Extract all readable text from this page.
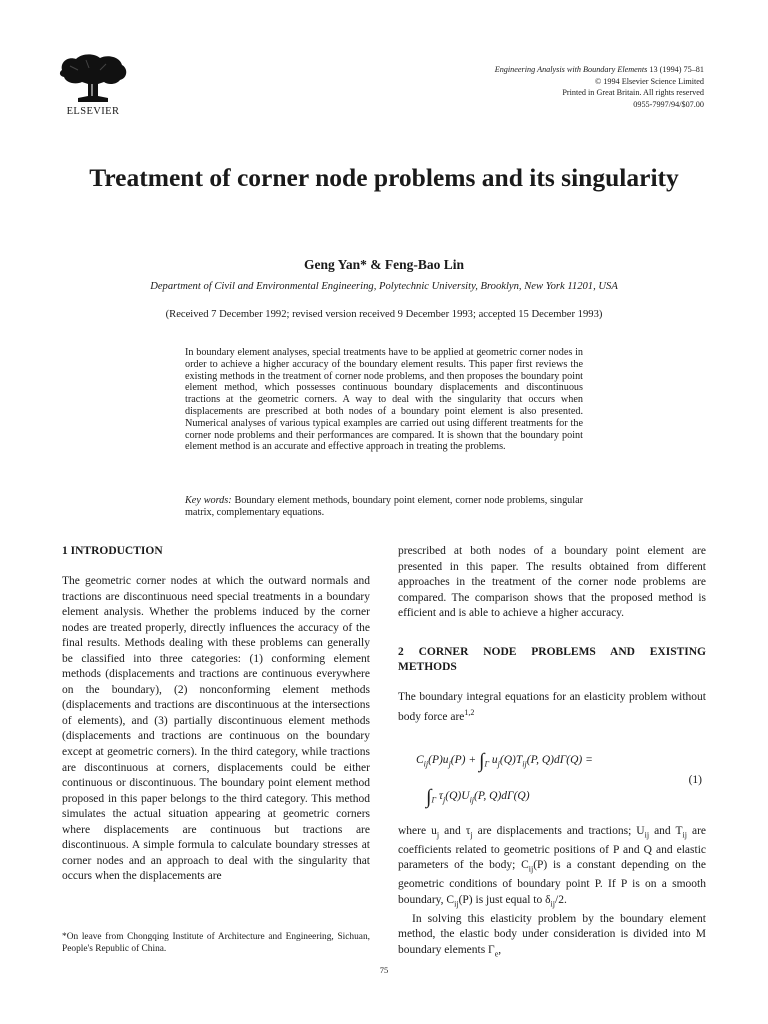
ELSEVIER
Engineering Analysis with Boundary Elements 13 (1994) 75–81
© 1994 Elsevier Science Limited
Printed in Great Britain. All rights reserved
0955-7997/94/$07.00
Treatment of corner node problems and its singularity
Geng Yan* & Feng-Bao Lin
Department of Civil and Environmental Engineering, Polytechnic University, Brooklyn, New York 11201, USA
(Received 7 December 1992; revised version received 9 December 1993; accepted 15 December 1993)
In boundary element analyses, special treatments have to be applied at geometric corner nodes in order to achieve a higher accuracy of the boundary element results. This paper first reviews the existing methods in the treatment of corner node problems, and then proposes the boundary point element method, which possesses continuous boundary displacements and discontinuous tractions at the geometric corners. A way to deal with the singularity that occurs when displacements are prescribed at both nodes of a boundary point element is also presented. Numerical analyses of various typical examples are carried out using different treatments for the corner node problems and their performances are compared. It is shown that the boundary point element method is an accurate and effective approach in treating the problems.
Key words: Boundary element methods, boundary point element, corner node problems, singular matrix, complementary equations.
1 INTRODUCTION

The geometric corner nodes at which the outward normals and tractions are discontinuous need special treatments in a boundary element analysis. Whether the problems induced by the corner nodes are treated properly, directly influences the accuracy of the final results. Methods dealing with these problems can generally be classified into three categories: (1) conforming element methods (displacements and tractions are continuous everywhere on the boundary), (2) nonconforming element methods (displacements and tractions are discontinuous at the intersections of elements), and (3) partially discontinuous element methods (displacements and tractions are continuous on the boundary except at geometric corners). In the third category, while tractions are discontinuous at corners, displacements could be either continuous or discontinuous. The boundary point element method proposed in this paper belongs to the third category. This method simulates the actual situation appearing at geometric corners where displacements are continuous but tractions are discontinuous. A simple formula to calculate boundary stresses at corner nodes and an approach to deal with the singularity that occurs when the displacements are

prescribed at both nodes of a boundary point element are presented in this paper. The results obtained from different approaches in the treatment of the corner node problems are compared. The comparison shows that the proposed method is efficient and is able to achieve a higher accuracy.

2 CORNER NODE PROBLEMS AND EXISTING METHODS

The boundary integral equations for an elasticity problem without body force are$^{1,2}$

$C_{ij}(P)u_j(P) + \int_\Gamma$ $u_j(Q)T_{ij}(P$, Q)dΓ(Q) =
$\int_\Gamma$ $\tau_j(Q)U_{ij}(P$, Q)dΓ(Q)
(1)

where $u_j$ and $\tau_j$ are displacements and tractions; $U_{ij}$ and $T_{ij}$ are coefficients related to geometric positions of P and Q and elastic parameters of the body; $C_{ij}(P)$ is a constant depending on the geometric conditions of boundary point P. If P is on a smooth boundary, $C_{ij}(P)$ is just equal to $\delta_{ij}/2$.

In solving this elasticity problem by the boundary element method, the elastic body under consideration is divided into M boundary elements $\Gamma_e$,

*On leave from Chongqing Institute of Architecture and Engineering, Sichuan, People's Republic of China.
75
